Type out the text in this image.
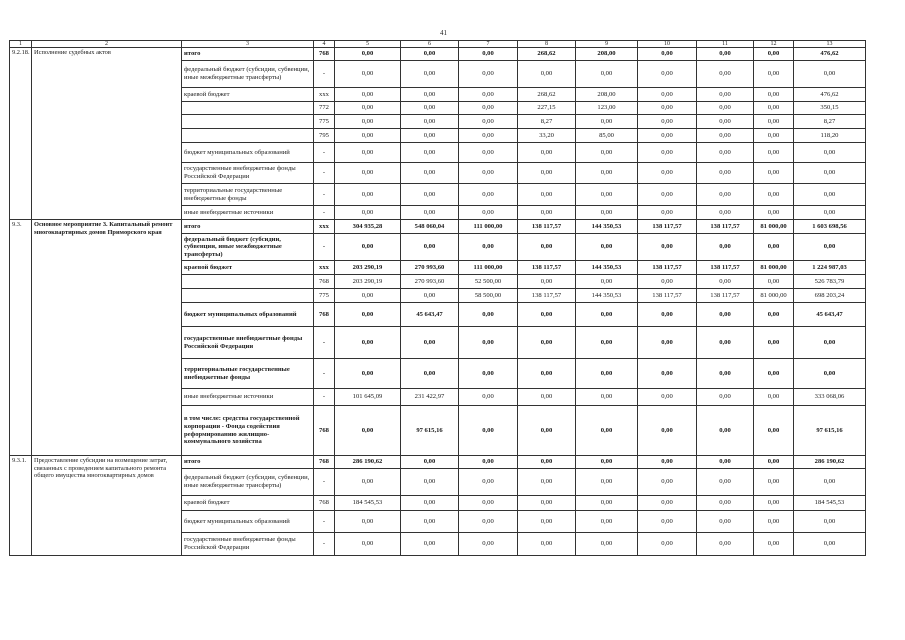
41
1	2	3	4	5	6	7	8	9	10	11	12	13
9.2.18.	Исполнение судебных актов	итого	768	0,00	0,00	0,00	268,62	208,00	0,00	0,00	0,00	476,62
		федеральный бюджет (субсидии, субвенции, иные межбюджетные трансферты)	-	0,00	0,00	0,00	0,00	0,00	0,00	0,00	0,00	0,00
		краевой бюджет	xxx	0,00	0,00	0,00	268,62	208,00	0,00	0,00	0,00	476,62
			772	0,00	0,00	0,00	227,15	123,00	0,00	0,00	0,00	350,15
			775	0,00	0,00	0,00	8,27	0,00	0,00	0,00	0,00	8,27
			795	0,00	0,00	0,00	33,20	85,00	0,00	0,00	0,00	118,20
		бюджет муниципальных образований	-	0,00	0,00	0,00	0,00	0,00	0,00	0,00	0,00	0,00
		государственные внебюджетные фонды Российской Федерации	-	0,00	0,00	0,00	0,00	0,00	0,00	0,00	0,00	0,00
		территориальные государственные внебюджетные фонды	-	0,00	0,00	0,00	0,00	0,00	0,00	0,00	0,00	0,00
		иные внебюджетные источники	-	0,00	0,00	0,00	0,00	0,00	0,00	0,00	0,00	0,00
9.3.	Основное мероприятие 3. Капитальный ремонт многоквартирных домов Приморского края	итого	xxx	304 935,28	548 060,04	111 000,00	138 117,57	144 350,53	138 117,57	138 117,57	81 000,00	1 603 698,56
		федеральный бюджет (субсидии, субвенции, иные межбюджетные трансферты)	-	0,00	0,00	0,00	0,00	0,00	0,00	0,00	0,00	0,00
		краевой бюджет	xxx	203 290,19	270 993,60	111 000,00	138 117,57	144 350,53	138 117,57	138 117,57	81 000,00	1 224 987,03
			768	203 290,19	270 993,60	52 500,00	0,00	0,00	0,00	0,00	0,00	526 783,79
			775	0,00	0,00	58 500,00	138 117,57	144 350,53	138 117,57	138 117,57	81 000,00	698 203,24
		бюджет муниципальных образований	768	0,00	45 643,47	0,00	0,00	0,00	0,00	0,00	0,00	45 643,47
		государственные внебюджетные фонды Российской Федерации	-	0,00	0,00	0,00	0,00	0,00	0,00	0,00	0,00	0,00
		территориальные государственные внебюджетные фонды	-	0,00	0,00	0,00	0,00	0,00	0,00	0,00	0,00	0,00
		иные внебюджетные источники	-	101 645,09	231 422,97	0,00	0,00	0,00	0,00	0,00	0,00	333 068,06
		в том числе: средства государственной корпорации - Фонда содействия реформированию жилищно-коммунального хозяйства	768	0,00	97 615,16	0,00	0,00	0,00	0,00	0,00	0,00	97 615,16
9.3.1.	Предоставление субсидии на возмещение затрат, связанных с проведением капитального ремонта общего имущества многоквартирных домов	итого	768	286 190,62	0,00	0,00	0,00	0,00	0,00	0,00	0,00	286 190,62
		федеральный бюджет (субсидии, субвенции, иные межбюджетные трансферты)	-	0,00	0,00	0,00	0,00	0,00	0,00	0,00	0,00	0,00
		краевой бюджет	768	184 545,53	0,00	0,00	0,00	0,00	0,00	0,00	0,00	184 545,53
		бюджет муниципальных образований	-	0,00	0,00	0,00	0,00	0,00	0,00	0,00	0,00	0,00
		государственные внебюджетные фонды Российской Федерации	-	0,00	0,00	0,00	0,00	0,00	0,00	0,00	0,00	0,00
